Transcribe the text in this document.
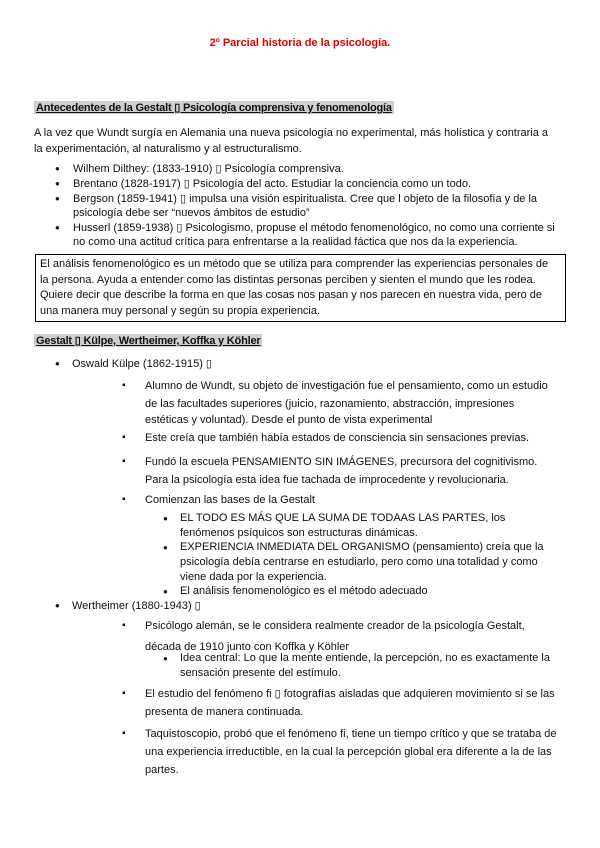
2º Parcial historia de la psicología.
Antecedentes de la Gestalt ▯ Psicología comprensiva y fenomenología
A la vez que Wundt surgía en Alemania una nueva psicología no experimental, más holística y contraria a
la experimentación, al naturalismo y al estructuralismo.
● Wilhem Dilthey: (1833-1910) ▯ Psicología comprensiva.
● Brentano (1828-1917) ▯ Psicología del acto. Estudiar la conciencia como un todo.
● Bergson (1859-1941) ▯ impulsa una visión espiritualista. Cree que l objeto de la filosofía y de la
psicología debe ser “nuevos ámbitos de estudio”
● Husserl (1859-1938) ▯ Psicologismo, propuse el método fenomenológico, no como una corriente si
no como una actitud crítica para enfrentarse a la realidad fáctica que nos da la experiencia.
El análisis fenomenológico es un método que se utiliza para comprender las experiencias personales de
la persona. Ayuda a entender como las distintas personas perciben y sienten el mundo que les rodea.
Quiere decir que describe la forma en que las cosas nos pasan y nos parecen en nuestra vida, pero de
una manera muy personal y según su propia experiencia.
Gestalt ▯ Külpe, Wertheimer, Koffka y Köhler
● Oswald Külpe (1862-1915) ▯
▪ Alumno de Wundt, su objeto de investigación fue el pensamiento, como un estudio
de las facultades superiores (juicio, razonamiento, abstracción, impresiones
estéticas y voluntad). Desde el punto de vista experimental
▪ Este creía que también había estados de consciencia sin sensaciones previas.
▪ Fundó la escuela PENSAMIENTO SIN IMÁGENES, precursora del cognitivismo.
Para la psicología esta idea fue tachada de improcedente y revolucionaria.
▪ Comienzan las bases de la Gestalt
● EL TODO ES MÁS QUE LA SUMA DE TODAAS LAS PARTES, los
fenómenos psíquicos son estructuras dinámicas.
● EXPERIENCIA INMEDIATA DEL ORGANISMO (pensamiento) creía que la
psicología debía centrarse en estudiarlo, pero como una totalidad y como
viene dada por la experiencia.
● El análisis fenomenológico es el método adecuado
● Wertheimer (1880-1943) ▯
▪ Psicólogo alemán, se le considera realmente creador de la psicología Gestalt,
década de 1910 junto con Koffka y Köhler
● Idea central: Lo que la mente entiende, la percepción, no es exactamente la
sensación presente del estímulo.
▪ El estudio del fenómeno fi ▯ fotografías aisladas que adquieren movimiento si se las
presenta de manera continuada.
▪ Taquistoscopio, probó que el fenómeno fi, tiene un tiempo crítico y que se trataba de
una experiencia irreductible, en la cual la percepción global era diferente a la de las
partes.
